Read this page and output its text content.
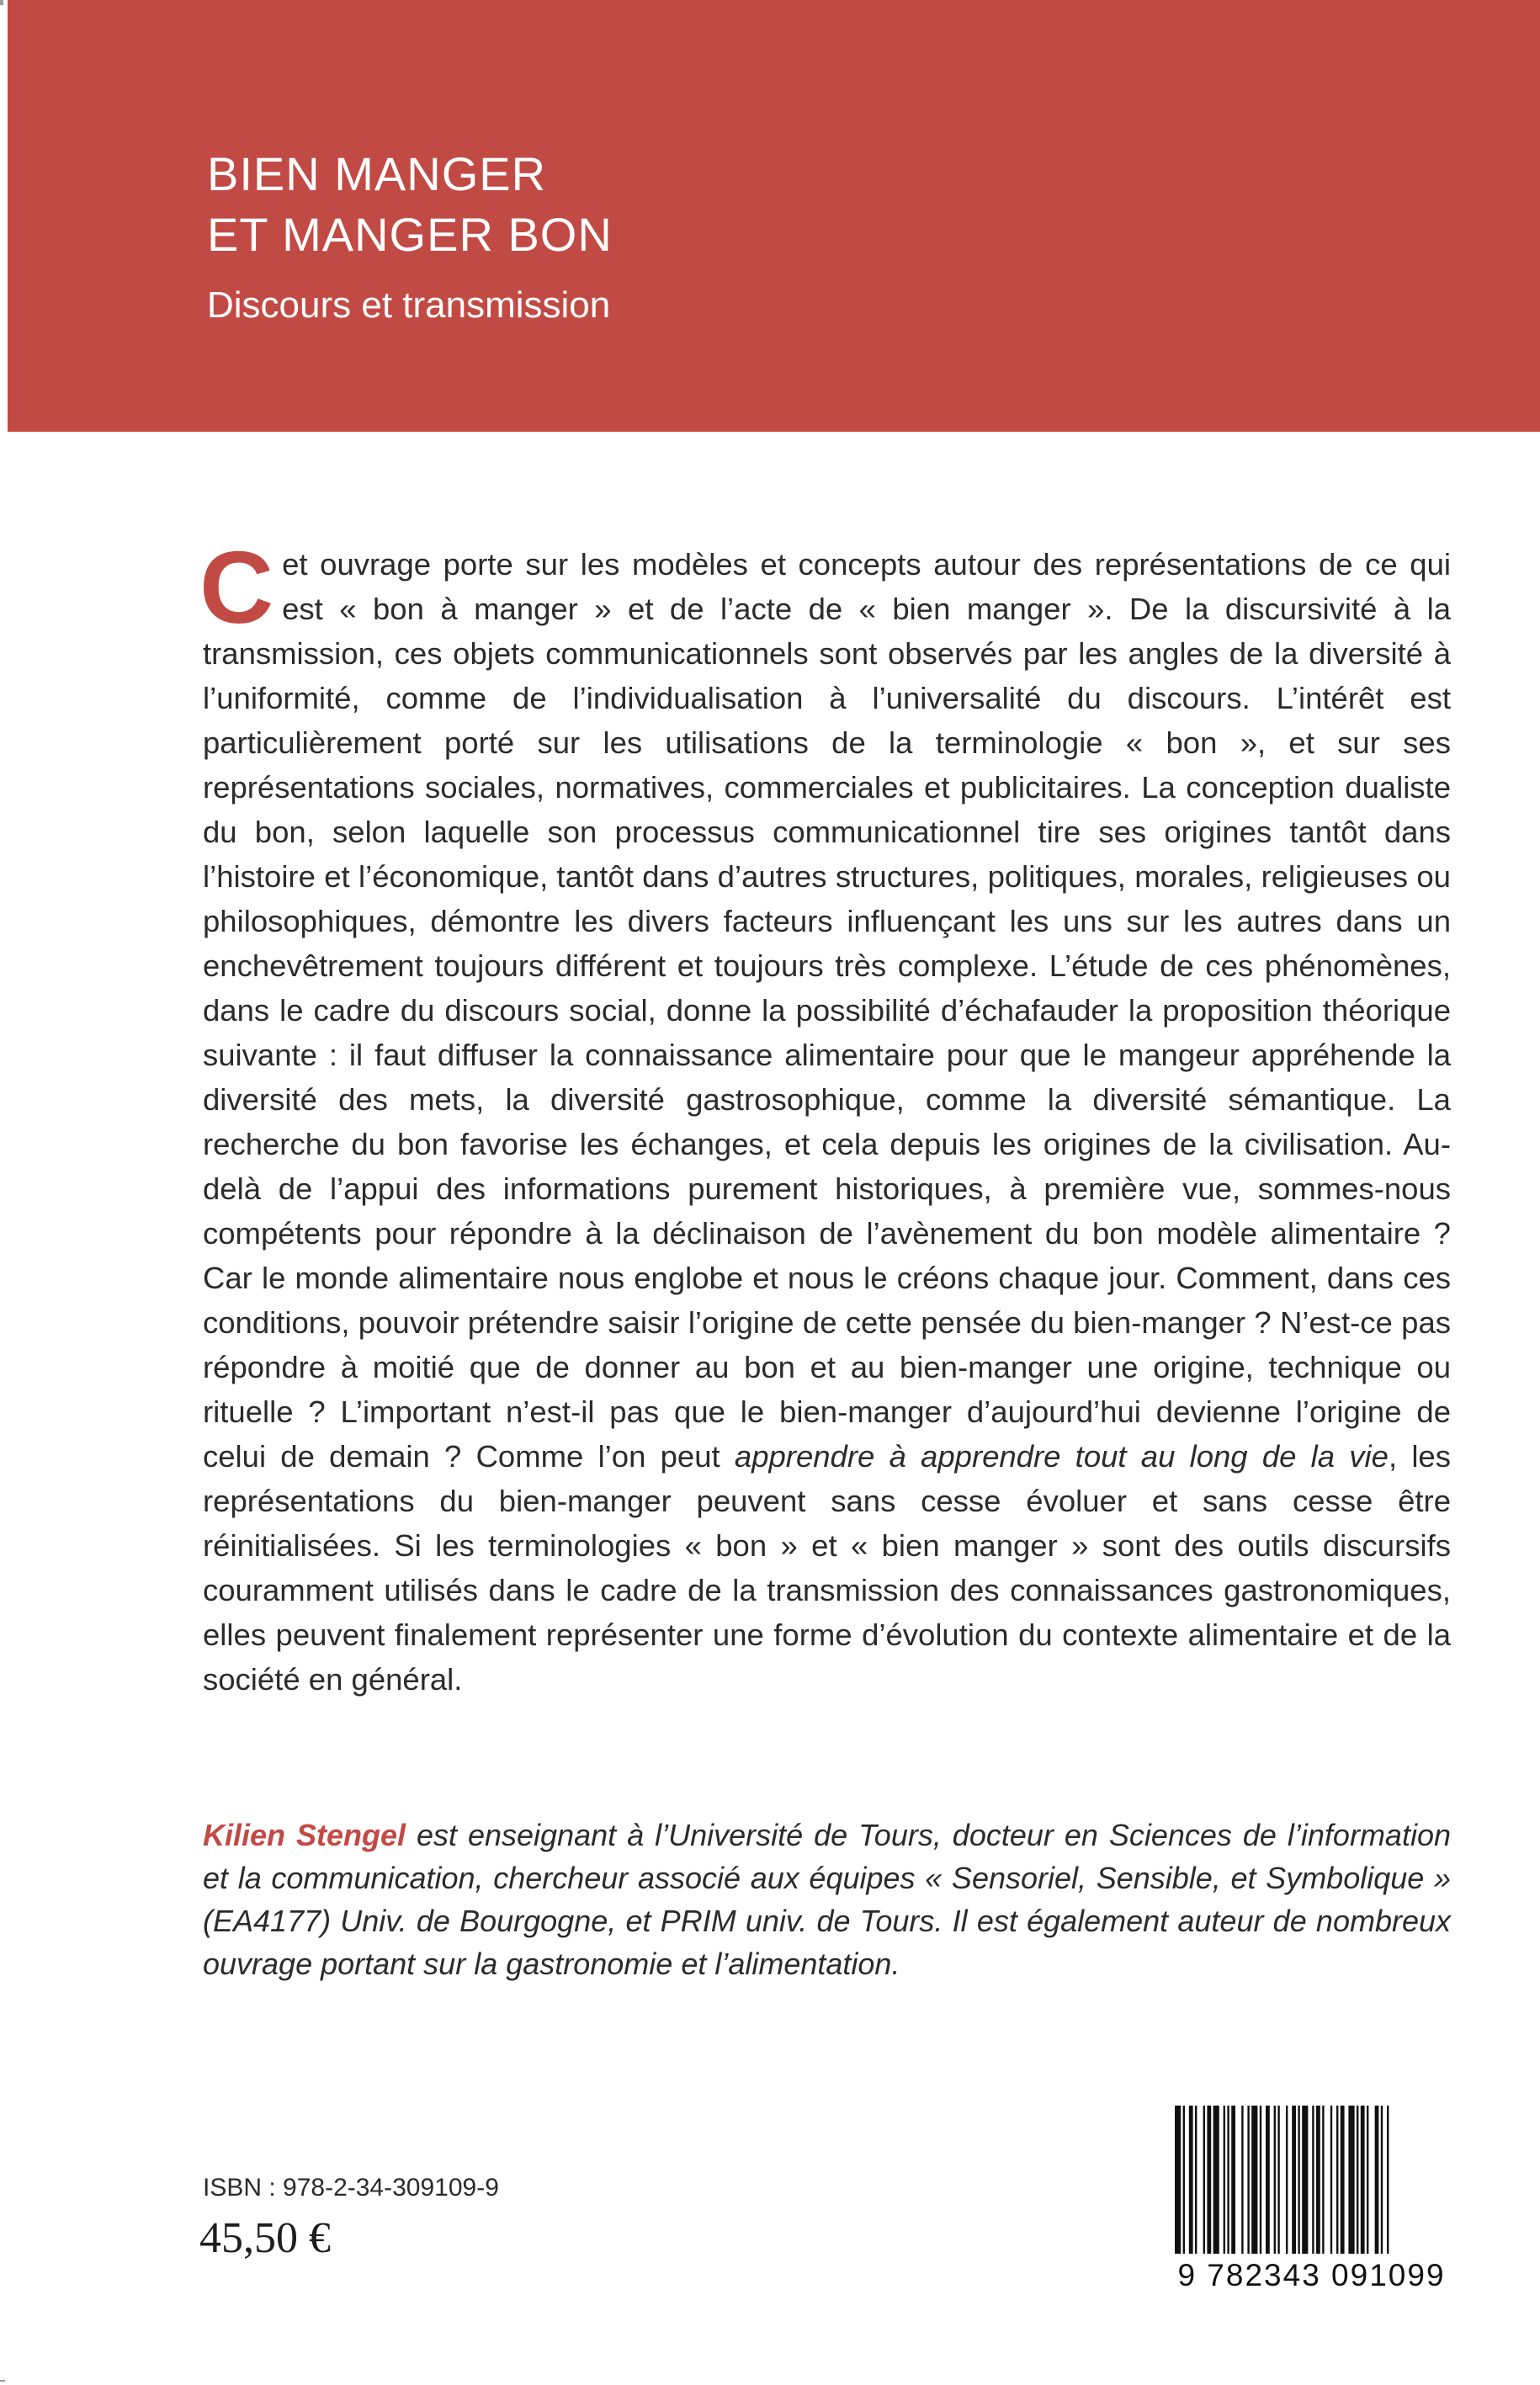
BIEN MANGER
ET MANGER BON
Discours et transmission

Cet ouvrage porte sur les modèles et concepts autour des représentations de ce qui est « bon à manger » et de l’acte de « bien manger ». De la discursivité à la transmission, ces objets communicationnels sont observés par les angles de la diversité à l’uniformité, comme de l’individualisation à l’universalité du discours. L’intérêt est particulièrement porté sur les utilisations de la terminologie « bon », et sur ses représentations sociales, normatives, commerciales et publicitaires. La conception dualiste du bon, selon laquelle son processus communicationnel tire ses origines tantôt dans l’histoire et l’économique, tantôt dans d’autres structures, politiques, morales, religieuses ou philosophiques, démontre les divers facteurs influençant les uns sur les autres dans un enchevêtrement toujours différent et toujours très complexe. L’étude de ces phénomènes, dans le cadre du discours social, donne la possibilité d’échafauder la proposition théorique suivante : il faut diffuser la connaissance alimentaire pour que le mangeur appréhende la diversité des mets, la diversité gastrosophique, comme la diversité sémantique. La recherche du bon favorise les échanges, et cela depuis les origines de la civilisation. Au-delà de l’appui des informations purement historiques, à première vue, sommes-nous compétents pour répondre à la déclinaison de l’avènement du bon modèle alimentaire ? Car le monde alimentaire nous englobe et nous le créons chaque jour. Comment, dans ces conditions, pouvoir prétendre saisir l’origine de cette pensée du bien-manger ? N’est-ce pas répondre à moitié que de donner au bon et au bien-manger une origine, technique ou rituelle ? L’important n’est-il pas que le bien-manger d’aujourd’hui devienne l’origine de celui de demain ? Comme l’on peut apprendre à apprendre tout au long de la vie, les représentations du bien-manger peuvent sans cesse évoluer et sans cesse être réinitialisées. Si les terminologies « bon » et « bien manger » sont des outils discursifs couramment utilisés dans le cadre de la transmission des connaissances gastronomiques, elles peuvent finalement représenter une forme d’évolution du contexte alimentaire et de la société en général.

Kilien Stengel est enseignant à l’Université de Tours, docteur en Sciences de l’information et la communication, chercheur associé aux équipes « Sensoriel, Sensible, et Symbolique » (EA4177) Univ. de Bourgogne, et PRIM univ. de Tours. Il est également auteur de nombreux ouvrage portant sur la gastronomie et l’alimentation.

ISBN : 978-2-34-309109-9
45,50 €
9 782343 091099
